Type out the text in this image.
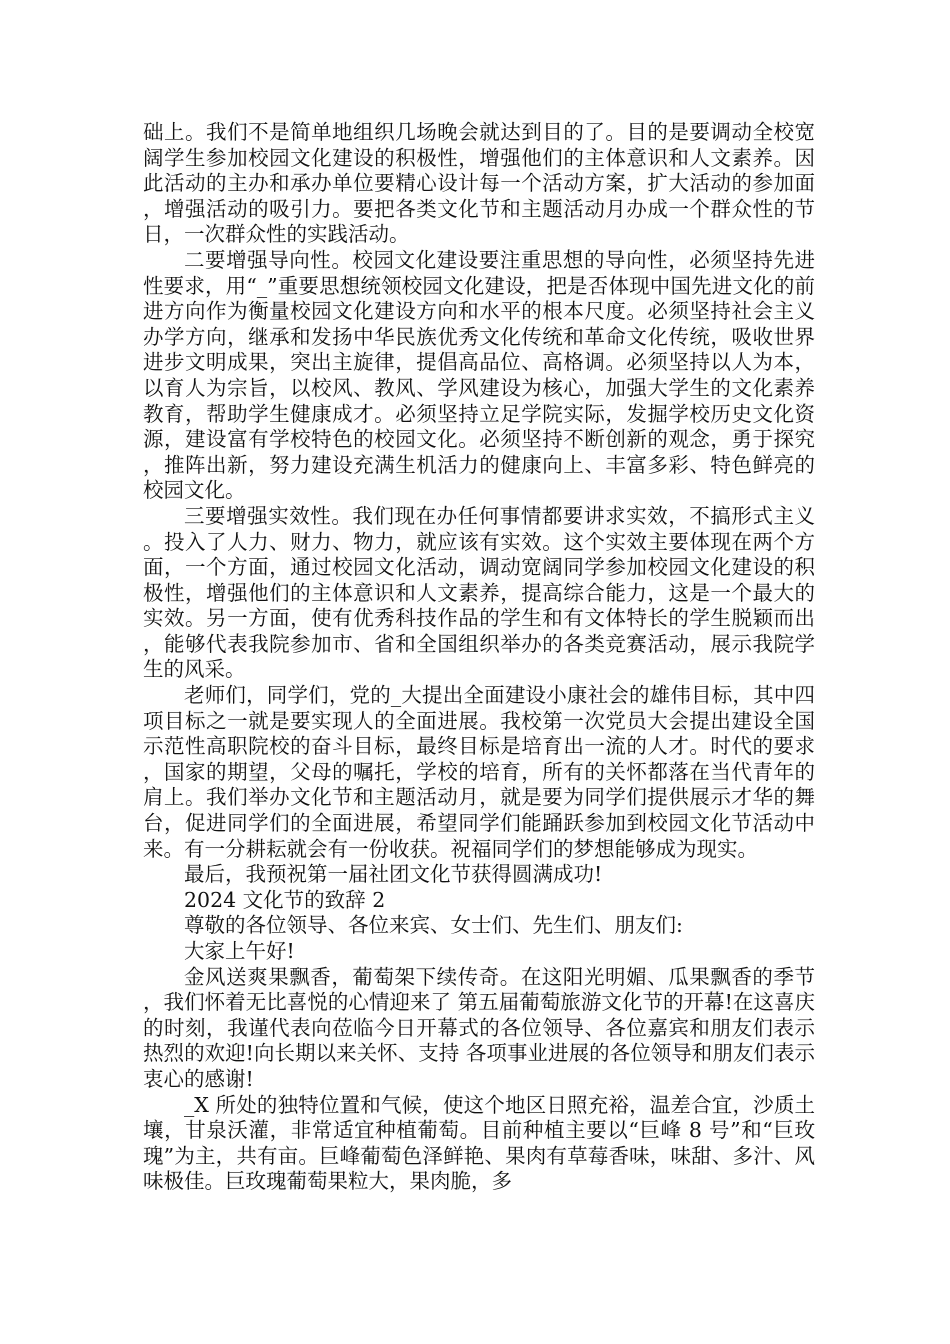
础上。我们不是简单地组织几场晚会就达到目的了。目的是要调动全校宽阔学生参加校园文化建设的积极性，增强他们的主体意识和人文素养。因此活动的主办和承办单位要精心设计每一个活动方案，扩大活动的参加面，增强活动的吸引力。要把各类文化节和主题活动月办成一个群众性的节日，一次群众性的实践活动。

二要增强导向性。校园文化建设要注重思想的导向性，必须坚持先进性要求，用“_”重要思想统领校园文化建设，把是否体现中国先进文化的前进方向作为衡量校园文化建设方向和水平的根本尺度。必须坚持社会主义办学方向，继承和发扬中华民族优秀文化传统和革命文化传统，吸收世界进步文明成果，突出主旋律，提倡高品位、高格调。必须坚持以人为本，以育人为宗旨，以校风、教风、学风建设为核心，加强大学生的文化素养教育，帮助学生健康成才。必须坚持立足学院实际，发掘学校历史文化资源，建设富有学校特色的校园文化。必须坚持不断创新的观念，勇于探究，推阵出新，努力建设充满生机活力的健康向上、丰富多彩、特色鲜亮的校园文化。

三要增强实效性。我们现在办任何事情都要讲求实效，不搞形式主义。投入了人力、财力、物力，就应该有实效。这个实效主要体现在两个方面，一个方面，通过校园文化活动，调动宽阔同学参加校园文化建设的积极性，增强他们的主体意识和人文素养，提高综合能力，这是一个最大的实效。另一方面，使有优秀科技作品的学生和有文体特长的学生脱颖而出，能够代表我院参加市、省和全国组织举办的各类竞赛活动，展示我院学生的风采。

老师们，同学们，党的_大提出全面建设小康社会的雄伟目标，其中四项目标之一就是要实现人的全面进展。我校第一次党员大会提出建设全国示范性高职院校的奋斗目标，最终目标是培育出一流的人才。时代的要求，国家的期望，父母的嘱托，学校的培育，所有的关怀都落在当代青年的肩上。我们举办文化节和主题活动月，就是要为同学们提供展示才华的舞台，促进同学们的全面进展，希望同学们能踊跃参加到校园文化节活动中来。有一分耕耘就会有一份收获。祝福同学们的梦想能够成为现实。

最后，我预祝第一届社团文化节获得圆满成功!

2024 文化节的致辞 2

尊敬的各位领导、各位来宾、女士们、先生们、朋友们:

大家上午好!

金风送爽果飘香，葡萄架下续传奇。在这阳光明媚、瓜果飘香的季节，我们怀着无比喜悦的心情迎来了 第五届葡萄旅游文化节的开幕!在这喜庆的时刻，我谨代表向莅临今日开幕式的各位领导、各位嘉宾和朋友们表示热烈的欢迎!向长期以来关怀、支持 各项事业进展的各位领导和朋友们表示衷心的感谢!

_X 所处的独特位置和气候，使这个地区日照充裕，温差合宜，沙质土壤，甘泉沃灌，非常适宜种植葡萄。目前种植主要以“巨峰 8 号”和“巨玫瑰”为主，共有亩。巨峰葡萄色泽鲜艳、果肉有草莓香味，味甜、多汁、风味极佳。巨玫瑰葡萄果粒大，果肉脆，多
